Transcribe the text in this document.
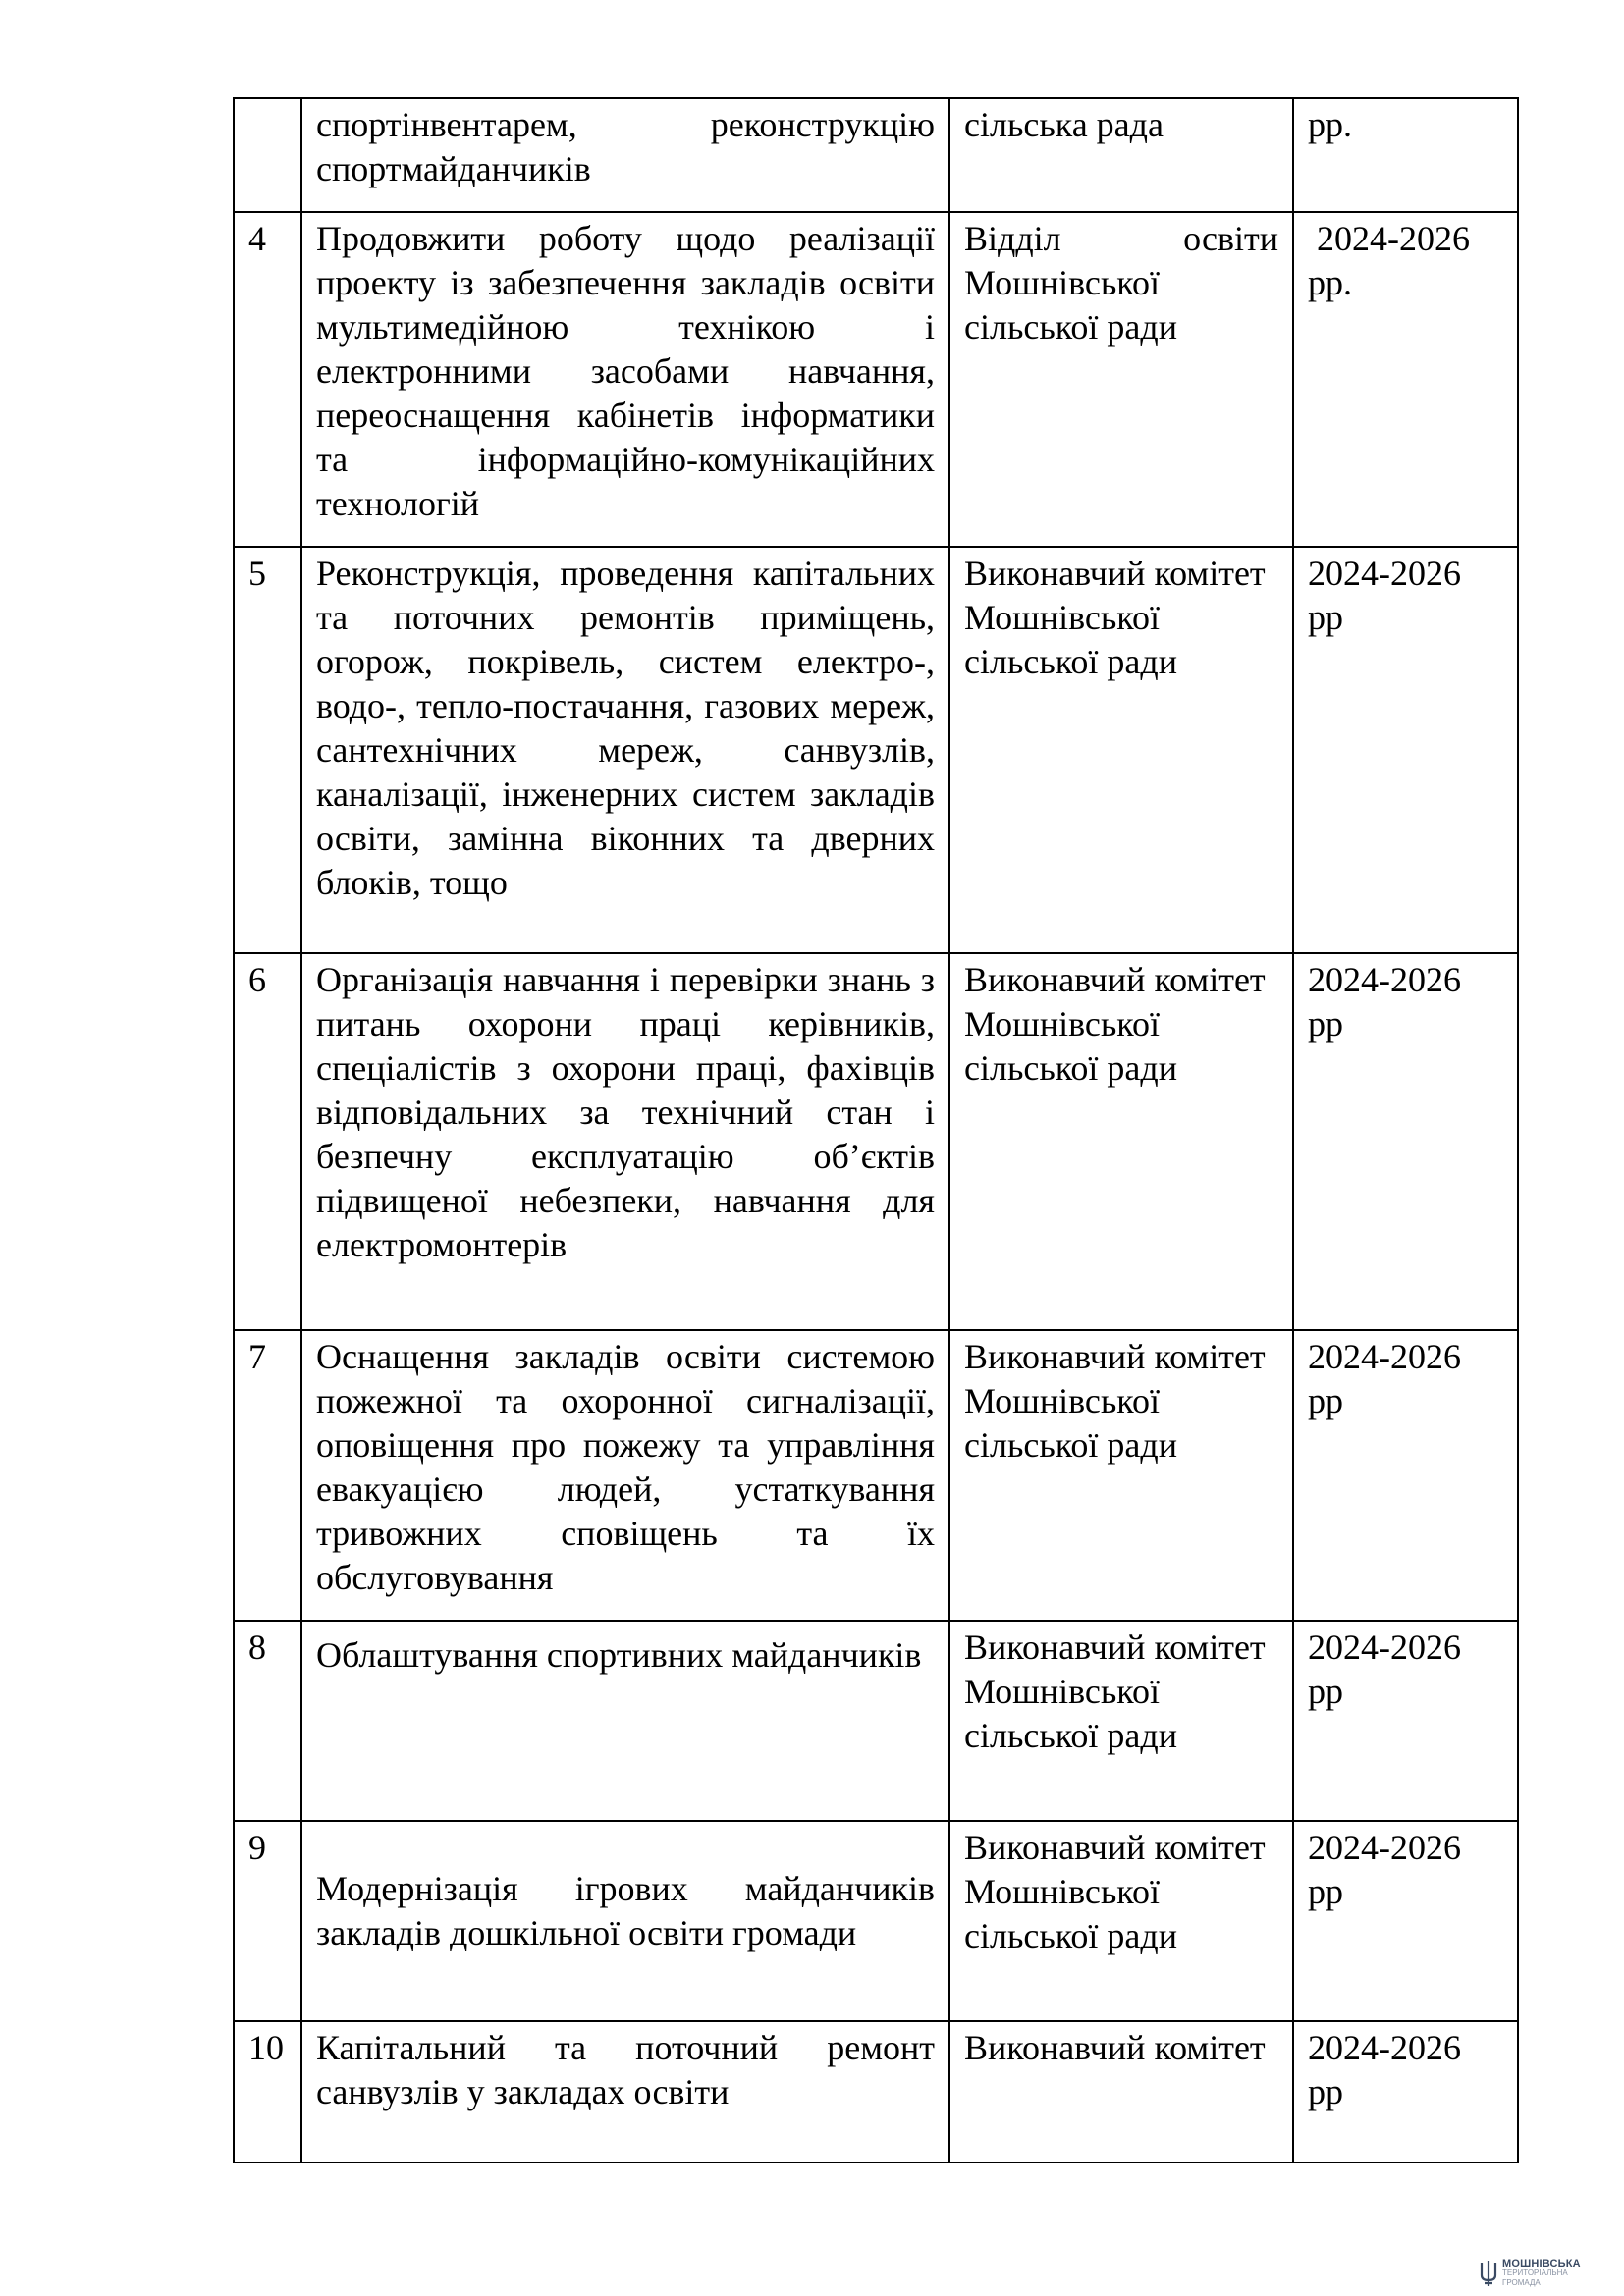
	спортінвентарем, реконструкцію спортмайданчиків	сільська рада	рр.
4	Продовжити роботу щодо реалізації проекту із забезпечення закладів освіти мультимедійною технікою і електронними засобами навчання, переоснащення кабінетів інформатики та інформаційно-комунікаційних технологій	Відділ освіти Мошнівської сільської ради	2024-2026 рр.
5	Реконструкція, проведення капітальних та поточних ремонтів приміщень, огорож, покрівель, систем електро-, водо-, тепло-постачання, газових мереж, сантехнічних мереж, санвузлів, каналізації, інженерних систем закладів освіти, замінна віконних та дверних блоків, тощо	Виконавчий комітет Мошнівської сільської ради	2024-2026 рр
6	Організація навчання і перевірки знань з питань охорони праці керівників, спеціалістів з охорони праці, фахівців відповідальних за технічний стан і безпечну експлуатацію об’єктів підвищеної небезпеки, навчання для електромонтерів	Виконавчий комітет Мошнівської сільської ради	2024-2026 рр
7	Оснащення закладів освіти системою пожежної та охоронної сигналізації, оповіщення про пожежу та управління евакуацією людей, устаткування тривожних сповіщень та їх обслуговування	Виконавчий комітет Мошнівської сільської ради	2024-2026 рр
8	Облаштування спортивних майданчиків	Виконавчий комітет Мошнівської сільської ради	2024-2026 рр
9	Модернізація ігрових майданчиків закладів дошкільної освіти громади	Виконавчий комітет Мошнівської сільської ради	2024-2026 рр
10	Капітальний та поточний ремонт санвузлів у закладах освіти	Виконавчий комітет	2024-2026 рр
МОШНІВСЬКА
ТЕРИТОРІАЛЬНА
ГРОМАДА
